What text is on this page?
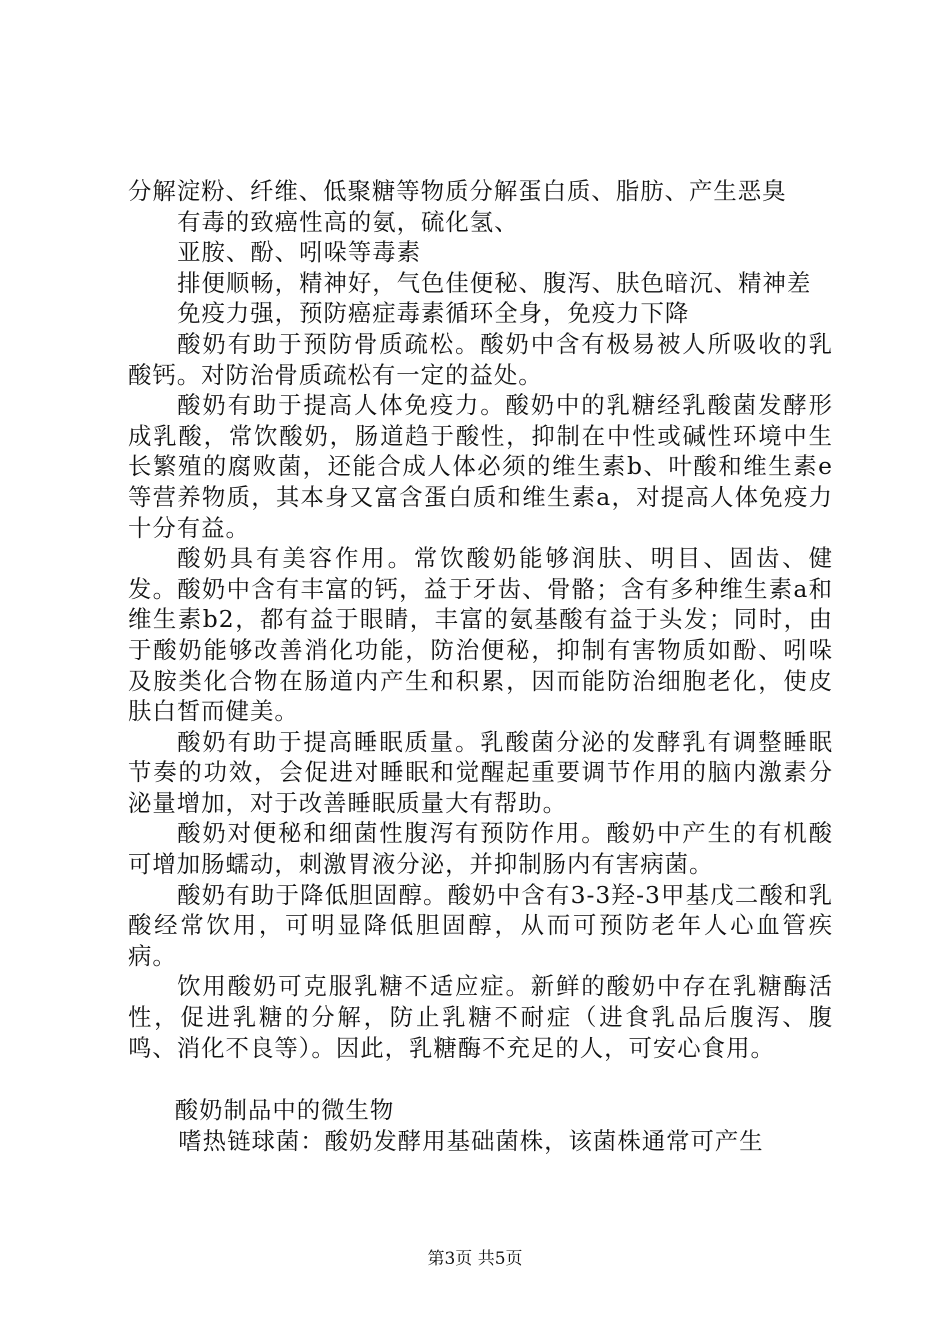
分解淀粉、纤维、低聚糖等物质分解蛋白质、脂肪、产生恶臭

有毒的致癌性高的氨，硫化氢、

亚胺、酚、吲哚等毒素

排便顺畅，精神好，气色佳便秘、腹泻、肤色暗沉、精神差

免疫力强，预防癌症毒素循环全身，免疫力下降

酸奶有助于预防骨质疏松。酸奶中含有极易被人所吸收的乳酸钙。对防治骨质疏松有一定的益处。

酸奶有助于提高人体免疫力。酸奶中的乳糖经乳酸菌发酵形成乳酸，常饮酸奶，肠道趋于酸性，抑制在中性或碱性环境中生长繁殖的腐败菌，还能合成人体必须的维生素b、叶酸和维生素e等营养物质，其本身又富含蛋白质和维生素a，对提高人体免疫力十分有益。

酸奶具有美容作用。常饮酸奶能够润肤、明目、固齿、健发。酸奶中含有丰富的钙，益于牙齿、骨骼；含有多种维生素a和维生素b2，都有益于眼睛，丰富的氨基酸有益于头发；同时，由于酸奶能够改善消化功能，防治便秘，抑制有害物质如酚、吲哚及胺类化合物在肠道内产生和积累，因而能防治细胞老化，使皮肤白皙而健美。

酸奶有助于提高睡眠质量。乳酸菌分泌的发酵乳有调整睡眠节奏的功效，会促进对睡眠和觉醒起重要调节作用的脑内激素分泌量增加，对于改善睡眠质量大有帮助。

酸奶对便秘和细菌性腹泻有预防作用。酸奶中产生的有机酸可增加肠蠕动，刺激胃液分泌，并抑制肠内有害病菌。

酸奶有助于降低胆固醇。酸奶中含有3-3羟-3甲基戊二酸和乳酸经常饮用，可明显降低胆固醇，从而可预防老年人心血管疾病。

饮用酸奶可克服乳糖不适应症。新鲜的酸奶中存在乳糖酶活性，促进乳糖的分解，防止乳糖不耐症（进食乳品后腹泻、腹鸣、消化不良等）。因此，乳糖酶不充足的人，可安心食用。

酸奶制品中的微生物

嗜热链球菌：酸奶发酵用基础菌株，该菌株通常可产生

第3页 共5页
